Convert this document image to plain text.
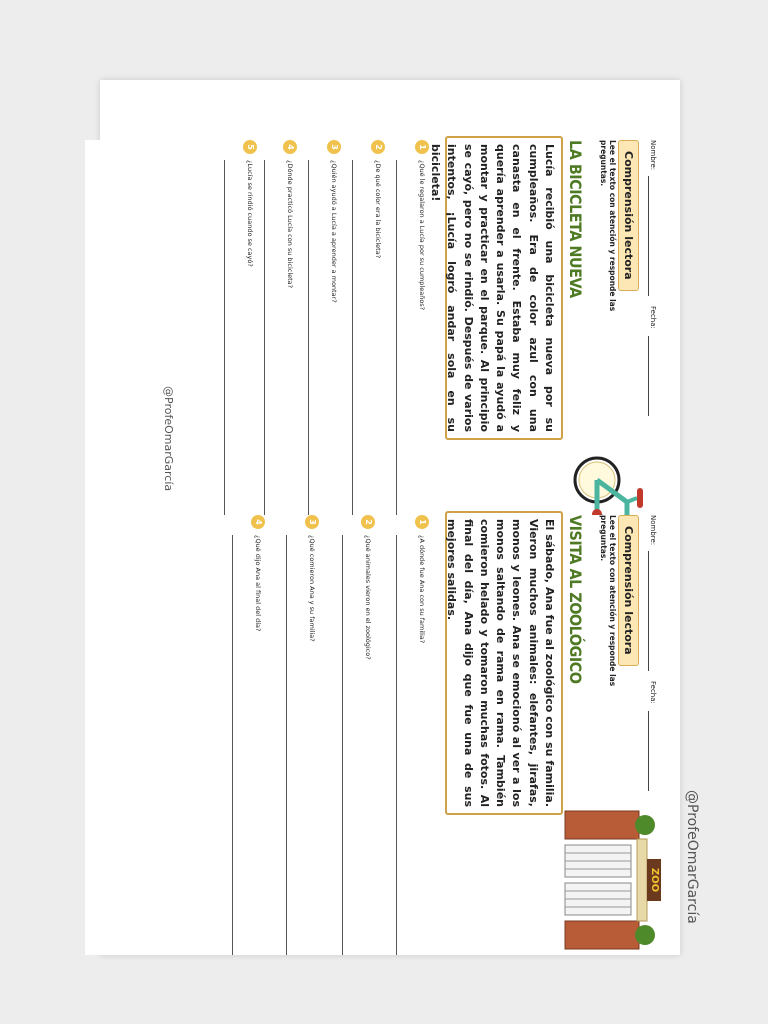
Nombre:
Fecha:
Comprensión lectora
Lee el texto con atención y responde las preguntas.
LA BICICLETA NUEVA
Lucía recibió una bicicleta nueva por su cumpleaños. Era de color azul con una canasta en el frente. Estaba muy feliz y quería aprender a usarla. Su papá la ayudó a montar y practicar en el parque. Al principio se cayó, pero no se rindió. Después de varios intentos, ¡Lucía logró andar sola en su bicicleta!
1
¿Qué le regalaron a Lucía por su cumpleaños?
2
¿De qué color era la bicicleta?
3
¿Quién ayudó a Lucía a aprender a montar?
4
¿Dónde practicó Lucía con su bicicleta?
5
¿Lucía se rindió cuando se cayó?
@ProfeOmarGarcía
Nombre:
Fecha:
Comprensión lectora
Lee el texto con atención y responde las preguntas.
VISITA AL ZOOLÓGICO
ZOO
El sábado, Ana fue al zoológico con su familia. Vieron muchos animales: elefantes, jirafas, monos y leones. Ana se emocionó al ver a los monos saltando de rama en rama. También comieron helado y tomaron muchas fotos. Al final del día, Ana dijo que fue una de sus mejores salidas.
1
¿A dónde fue Ana con su familia?
2
¿Qué animales vieron en el zoológico?
3
¿Qué comieron Ana y su familia?
4
¿Qué dijo Ana al final del día?
@ProfeOmarGarcía
